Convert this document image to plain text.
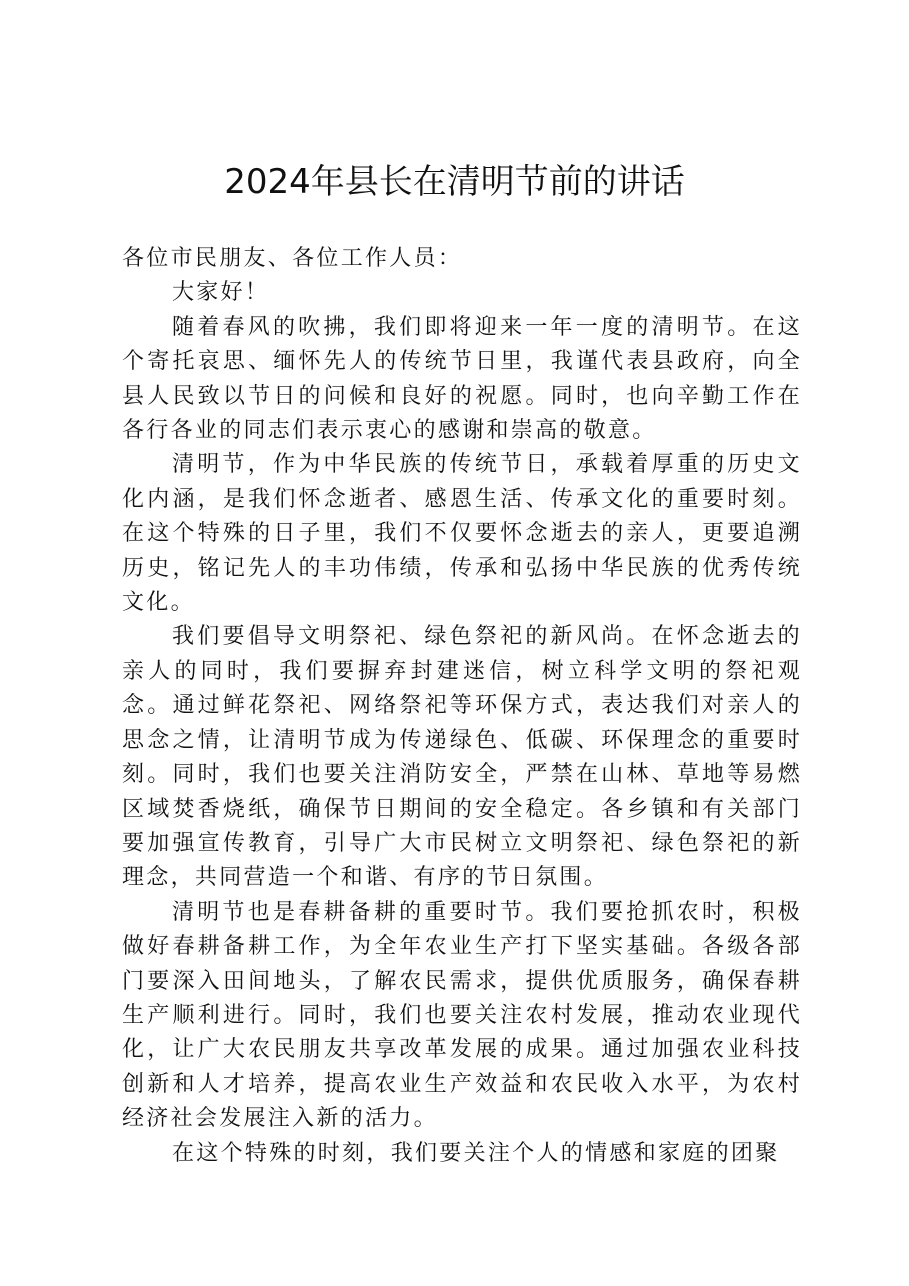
2024年县长在清明节前的讲话

各位市民朋友、各位工作人员：

大家好！

随着春风的吹拂，我们即将迎来一年一度的清明节。在这个寄托哀思、缅怀先人的传统节日里，我谨代表县政府，向全县人民致以节日的问候和良好的祝愿。同时，也向辛勤工作在各行各业的同志们表示衷心的感谢和崇高的敬意。

清明节，作为中华民族的传统节日，承载着厚重的历史文化内涵，是我们怀念逝者、感恩生活、传承文化的重要时刻。在这个特殊的日子里，我们不仅要怀念逝去的亲人，更要追溯历史，铭记先人的丰功伟绩，传承和弘扬中华民族的优秀传统文化。

我们要倡导文明祭祀、绿色祭祀的新风尚。在怀念逝去的亲人的同时，我们要摒弃封建迷信，树立科学文明的祭祀观念。通过鲜花祭祀、网络祭祀等环保方式，表达我们对亲人的思念之情，让清明节成为传递绿色、低碳、环保理念的重要时刻。同时，我们也要关注消防安全，严禁在山林、草地等易燃区域焚香烧纸，确保节日期间的安全稳定。各乡镇和有关部门要加强宣传教育，引导广大市民树立文明祭祀、绿色祭祀的新理念，共同营造一个和谐、有序的节日氛围。

清明节也是春耕备耕的重要时节。我们要抢抓农时，积极做好春耕备耕工作，为全年农业生产打下坚实基础。各级各部门要深入田间地头，了解农民需求，提供优质服务，确保春耕生产顺利进行。同时，我们也要关注农村发展，推动农业现代化，让广大农民朋友共享改革发展的成果。通过加强农业科技创新和人才培养，提高农业生产效益和农民收入水平，为农村经济社会发展注入新的活力。

在这个特殊的时刻，我们要关注个人的情感和家庭的团聚
